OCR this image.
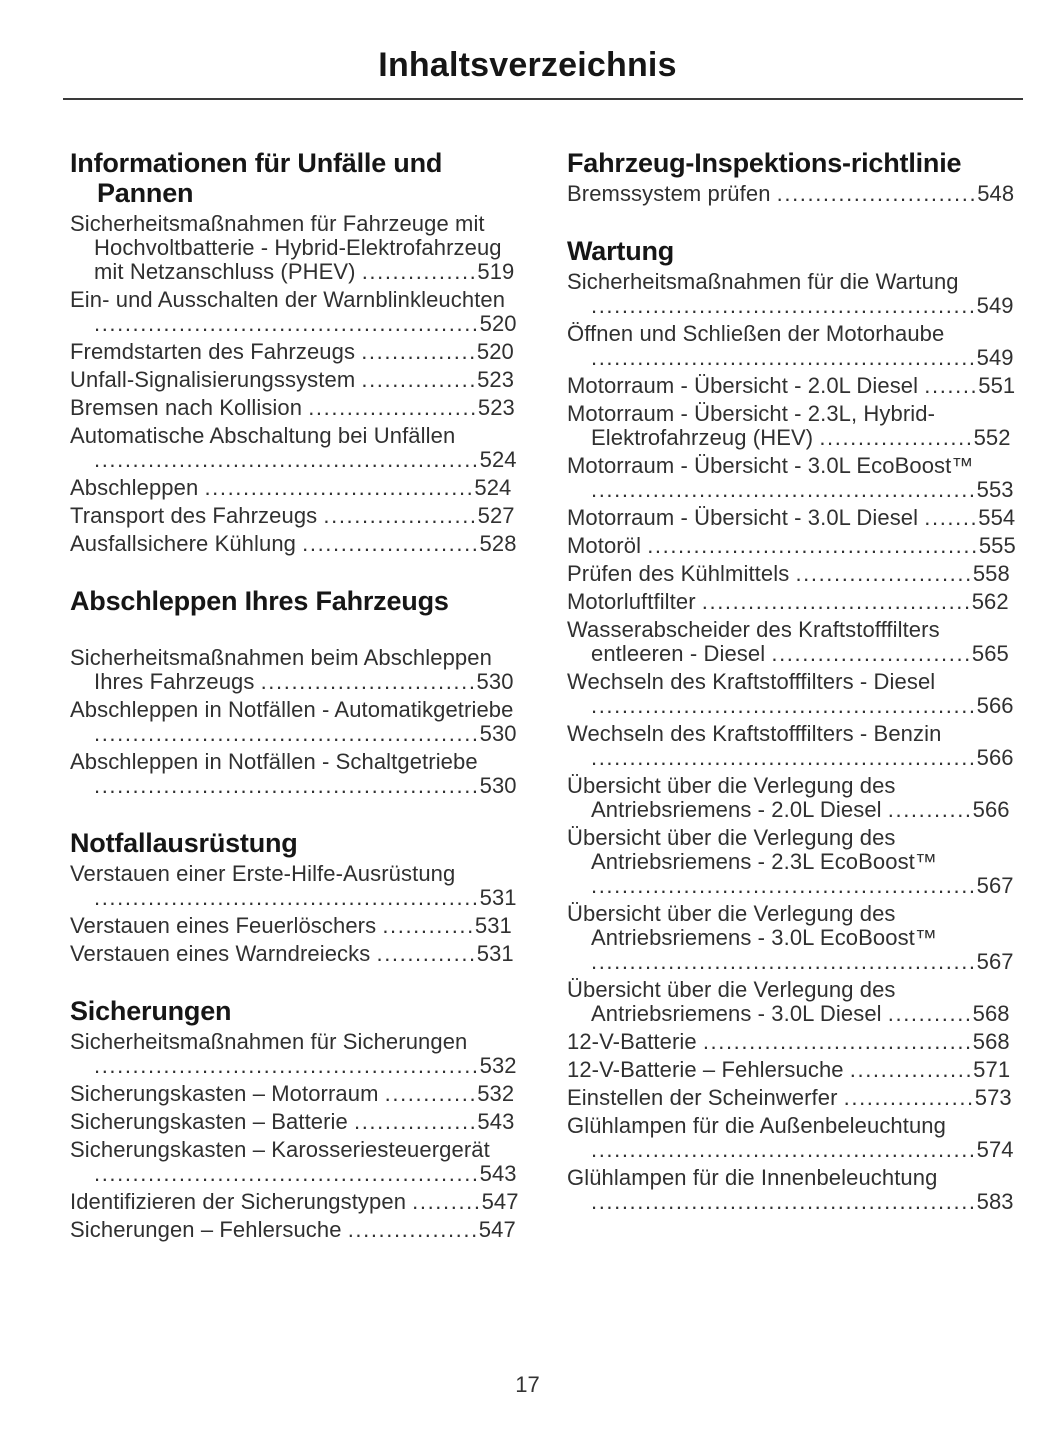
Inhaltsverzeichnis
Informationen für Unfälle und Pannen

Sicherheitsmaßnahmen für Fahrzeuge mit Hochvoltbatterie - Hybrid-Elektrofahrzeug mit Netzanschluss (PHEV) ...............519

Ein- und Ausschalten der Warnblinkleuchten..................................................520

Fremdstarten des Fahrzeugs ...............520

Unfall-Signalisierungssystem ...............523

Bremsen nach Kollision ......................523

Automatische Abschaltung bei Unfällen
..................................................524

Abschleppen ...................................524

Transport des Fahrzeugs ....................527

Ausfallsichere Kühlung .......................528

Abschleppen Ihres Fahrzeugs

Sicherheitsmaßnahmen beim Abschleppen Ihres Fahrzeugs ............................530

Abschleppen in Notfällen - Automatikgetriebe..................................................530

Abschleppen in Notfällen - Schaltgetriebe..................................................530

Notfallausrüstung

Verstauen einer Erste-Hilfe-Ausrüstung
..................................................531

Verstauen eines Feuerlöschers ............531

Verstauen eines Warndreiecks .............531

Sicherungen

Sicherheitsmaßnahmen für Sicherungen
..................................................532

Sicherungskasten – Motorraum ............532

Sicherungskasten – Batterie ................543

Sicherungskasten – Karosseriesteuergerät..................................................543

Identifizieren der Sicherungstypen .........547

Sicherungen – Fehlersuche .................547

Fahrzeug-Inspektions-richtlinie

Bremssystem prüfen ..........................548

Wartung

Sicherheitsmaßnahmen für die Wartung
..................................................549

Öffnen und Schließen der Motorhaube
..................................................549

Motorraum - Übersicht - 2.0L Diesel .......551

Motorraum - Übersicht - 2.3L, Hybrid-Elektrofahrzeug (HEV) ....................552

Motorraum - Übersicht - 3.0L EcoBoost™..................................................553

Motorraum - Übersicht - 3.0L Diesel .......554

Motoröl ...........................................555

Prüfen des Kühlmittels .......................558

Motorluftfilter ...................................562

Wasserabscheider des Kraftstofffilters entleeren - Diesel ..........................565

Wechseln des Kraftstofffilters - Diesel
..................................................566

Wechseln des Kraftstofffilters - Benzin
..................................................566

Übersicht über die Verlegung des Antriebsriemens - 2.0L Diesel ...........566

Übersicht über die Verlegung des Antriebsriemens - 2.3L EcoBoost™
..................................................567

Übersicht über die Verlegung des Antriebsriemens - 3.0L EcoBoost™
..................................................567

Übersicht über die Verlegung des Antriebsriemens - 3.0L Diesel ...........568

12-V-Batterie ...................................568

12-V-Batterie – Fehlersuche ................571

Einstellen der Scheinwerfer .................573

Glühlampen für die Außenbeleuchtung
..................................................574

Glühlampen für die Innenbeleuchtung
..................................................583

17
